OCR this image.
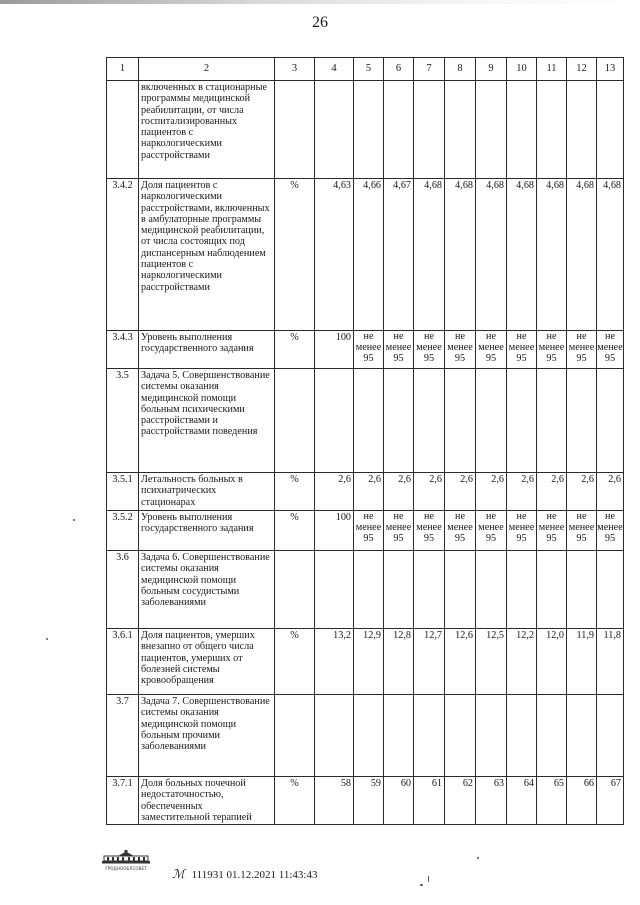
26
1	2	3	4	5	6	7	8	9	10	11	12	13
	включенных в стационарные программы медицинской реабилитации, от числа госпитализированных пациентов с наркологическими расстройствами											
3.4.2	Доля пациентов с наркологическими расстройствами, включенных в амбулаторные программы медицинской реабилитации, от числа состоящих под диспансерным наблюдением пациентов с наркологическими расстройствами	%	4,63	4,66	4,67	4,68	4,68	4,68	4,68	4,68	4,68	4,68
3.4.3	Уровень выполнения государственного задания	%	100	не менее 95	не менее 95	не менее 95	не менее 95	не менее 95	не менее 95	не менее 95	не менее 95	не менее 95
3.5	Задача 5. Совершенствование системы оказания медицинской помощи больным психическими расстройствами и расстройствами поведения											
3.5.1	Летальность больных в психиатрических стационарах	%	2,6	2,6	2,6	2,6	2,6	2,6	2,6	2,6	2,6	2,6
3.5.2	Уровень выполнения государственного задания	%	100	не менее 95	не менее 95	не менее 95	не менее 95	не менее 95	не менее 95	не менее 95	не менее 95	не менее 95
3.6	Задача 6. Совершенствование системы оказания медицинской помощи больным сосудистыми заболеваниями											
3.6.1	Доля пациентов, умерших внезапно от общего числа пациентов, умерших от болезней системы кровообращения	%	13,2	12,9	12,8	12,7	12,6	12,5	12,2	12,0	11,9	11,8
3.7	Задача 7. Совершенствование системы оказания медицинской помощи больным прочими заболеваниями											
3.7.1	Доля больных почечной недостаточностью, обеспеченных заместительной терапией	%	58	59	60	61	62	63	64	65	66	67
ГРОДНООБЛСОВЕТ	ℳ 111931 01.12.2021 11:43:43
